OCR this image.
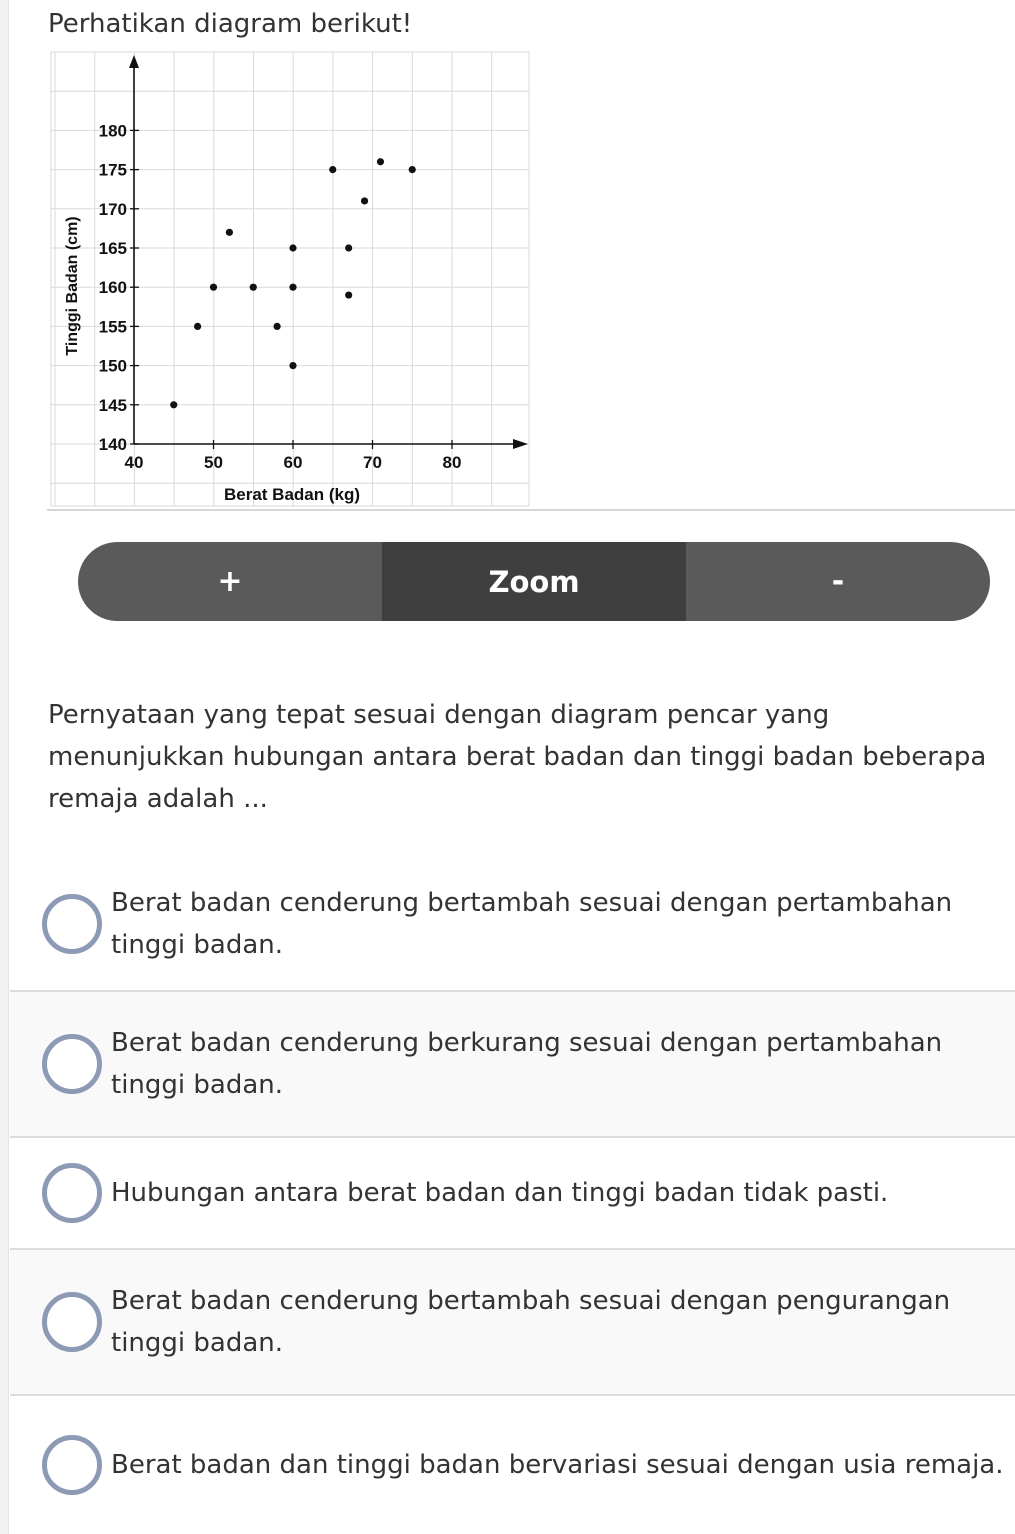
Perhatikan diagram berikut!
140
145
150
155
160
165
170
175
180
40	50	60	70	80
Berat Badan (kg)
Tinggi Badan (cm)
+	Zoom	-
Pernyataan yang tepat sesuai dengan diagram pencar yang menunjukkan hubungan antara berat badan dan tinggi badan beberapa remaja adalah ...
Berat badan cenderung bertambah sesuai dengan pertambahan tinggi badan.
Berat badan cenderung berkurang sesuai dengan pertambahan tinggi badan.
Hubungan antara berat badan dan tinggi badan tidak pasti.
Berat badan cenderung bertambah sesuai dengan pengurangan tinggi badan.
Berat badan dan tinggi badan bervariasi sesuai dengan usia remaja.
